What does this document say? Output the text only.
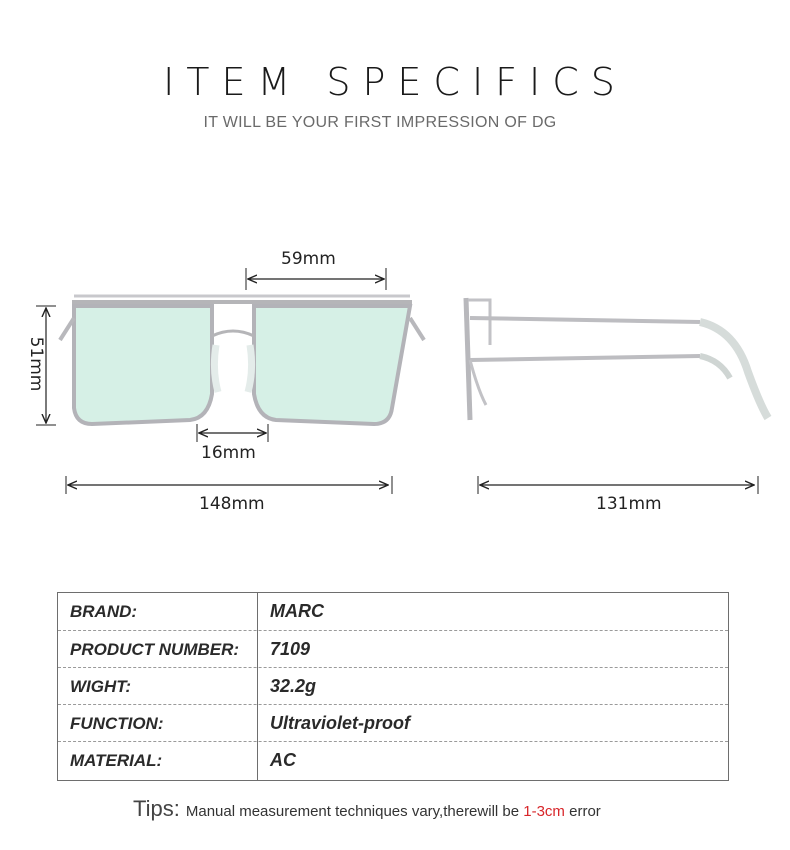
ITEM SPECIFICS
IT WILL BE YOUR FIRST IMPRESSION OF DG
59mm
51mm
16mm
148mm	131mm
BRAND:	MARC
PRODUCT NUMBER: 7109
WIGHT:	32.2g
FUNCTION:	Ultraviolet-proof
MATERIAL:	AC
Tips: Manual measurement techniques vary,therewill be 1-3cm error
